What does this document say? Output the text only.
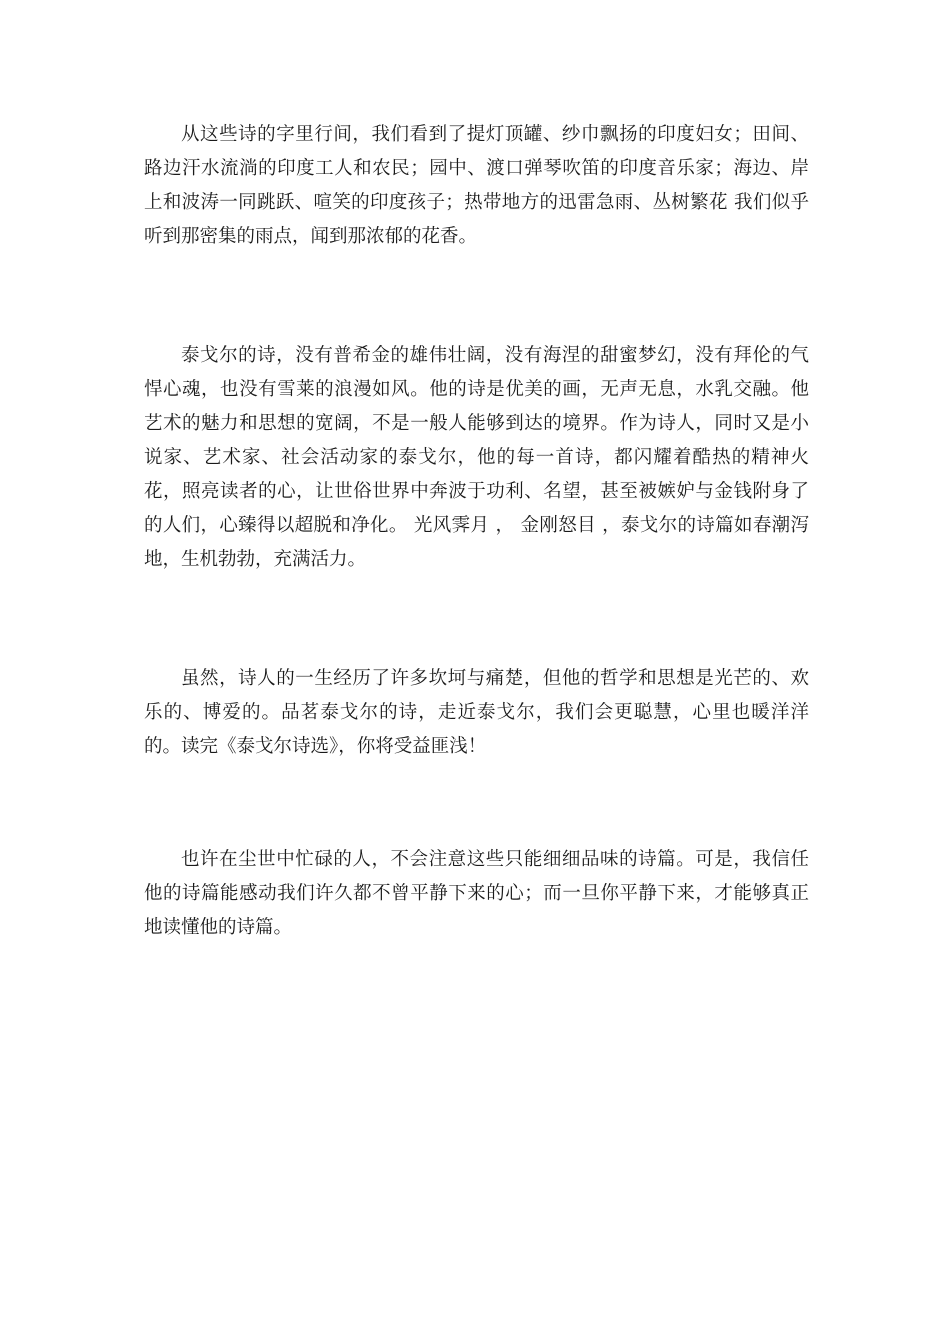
从这些诗的字里行间，我们看到了提灯顶罐、纱巾飘扬的印度妇女；田间、路边汗水流淌的印度工人和农民；园中、渡口弹琴吹笛的印度音乐家；海边、岸上和波涛一同跳跃、喧笑的印度孩子；热带地方的迅雷急雨、丛树繁花 我们似乎听到那密集的雨点，闻到那浓郁的花香。

泰戈尔的诗，没有普希金的雄伟壮阔，没有海涅的甜蜜梦幻，没有拜伦的气悍心魂，也没有雪莱的浪漫如风。他的诗是优美的画，无声无息，水乳交融。他艺术的魅力和思想的宽阔，不是一般人能够到达的境界。作为诗人，同时又是小说家、艺术家、社会活动家的泰戈尔，他的每一首诗，都闪耀着酷热的精神火花，照亮读者的心，让世俗世界中奔波于功利、名望，甚至被嫉妒与金钱附身了的人们，心臻得以超脱和净化。 光风霁月 ， 金刚怒目 ，泰戈尔的诗篇如春潮泻地，生机勃勃，充满活力。

虽然，诗人的一生经历了许多坎坷与痛楚，但他的哲学和思想是光芒的、欢乐的、博爱的。品茗泰戈尔的诗，走近泰戈尔，我们会更聪慧，心里也暖洋洋的。读完《泰戈尔诗选》，你将受益匪浅！

也许在尘世中忙碌的人，不会注意这些只能细细品味的诗篇。可是，我信任他的诗篇能感动我们许久都不曾平静下来的心；而一旦你平静下来，才能够真正地读懂他的诗篇。
